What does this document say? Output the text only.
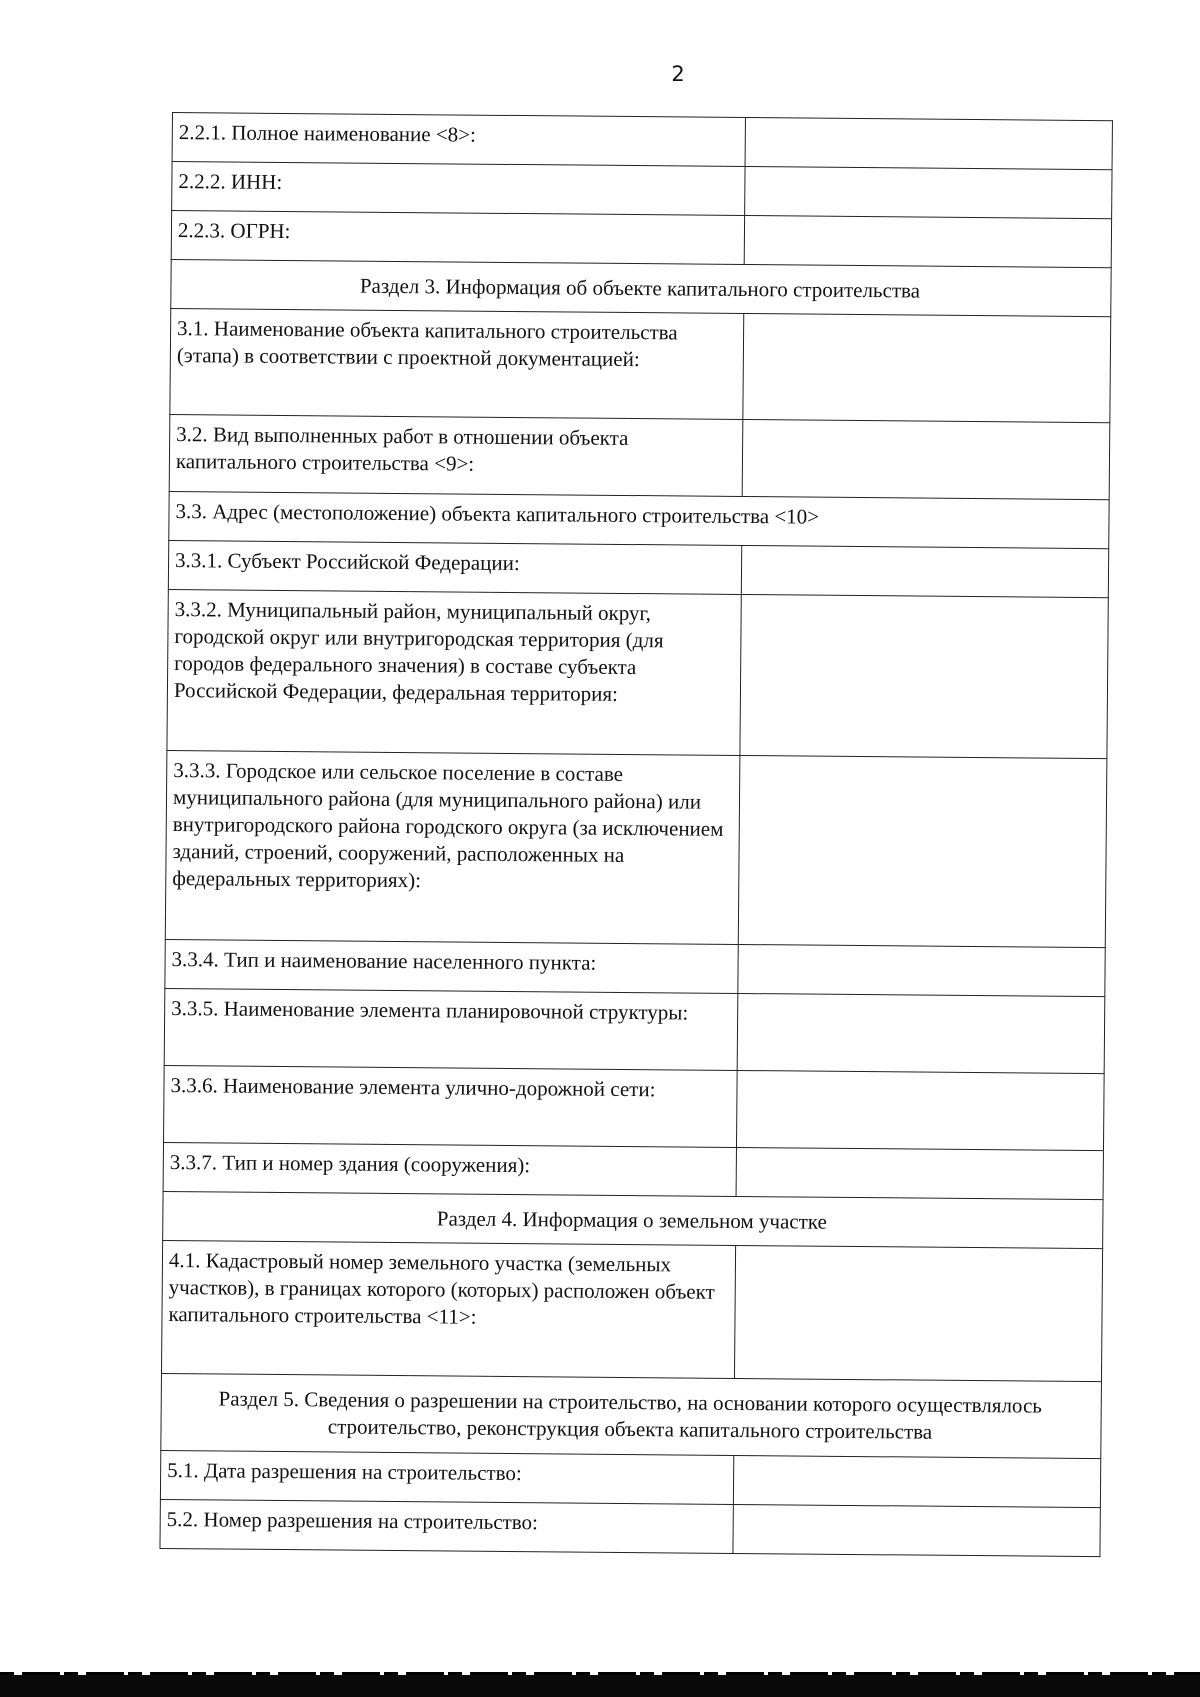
2
2.2.1. Полное наименование <8>:	
2.2.2. ИНН:	
2.2.3. ОГРН:	
Раздел 3. Информация об объекте капитального строительства	
3.1. Наименование объекта капитального строительства (этапа) в соответствии с проектной документацией:	
3.2. Вид выполненных работ в отношении объекта капитального строительства <9>:	
3.3. Адрес (местоположение) объекта капитального строительства <10>	
3.3.1. Субъект Российской Федерации:	
3.3.2. Муниципальный район, муниципальный округ, городской округ или внутригородская территория (для городов федерального значения) в составе субъекта Российской Федерации, федеральная территория:	
3.3.3. Городское или сельское поселение в составе муниципального района (для муниципального района) или внутригородского района городского округа (за исключением зданий, строений, сооружений, расположенных на федеральных территориях):	
3.3.4. Тип и наименование населенного пункта:	
3.3.5. Наименование элемента планировочной структуры:	
3.3.6. Наименование элемента улично-дорожной сети:	
3.3.7. Тип и номер здания (сооружения):	
Раздел 4. Информация о земельном участке	
4.1. Кадастровый номер земельного участка (земельных участков), в границах которого (которых) расположен объект капитального строительства <11>:	
Раздел 5. Сведения о разрешении на строительство, на основании которого осуществлялось строительство, реконструкция объекта капитального строительства	
5.1. Дата разрешения на строительство:	
5.2. Номер разрешения на строительство:	
